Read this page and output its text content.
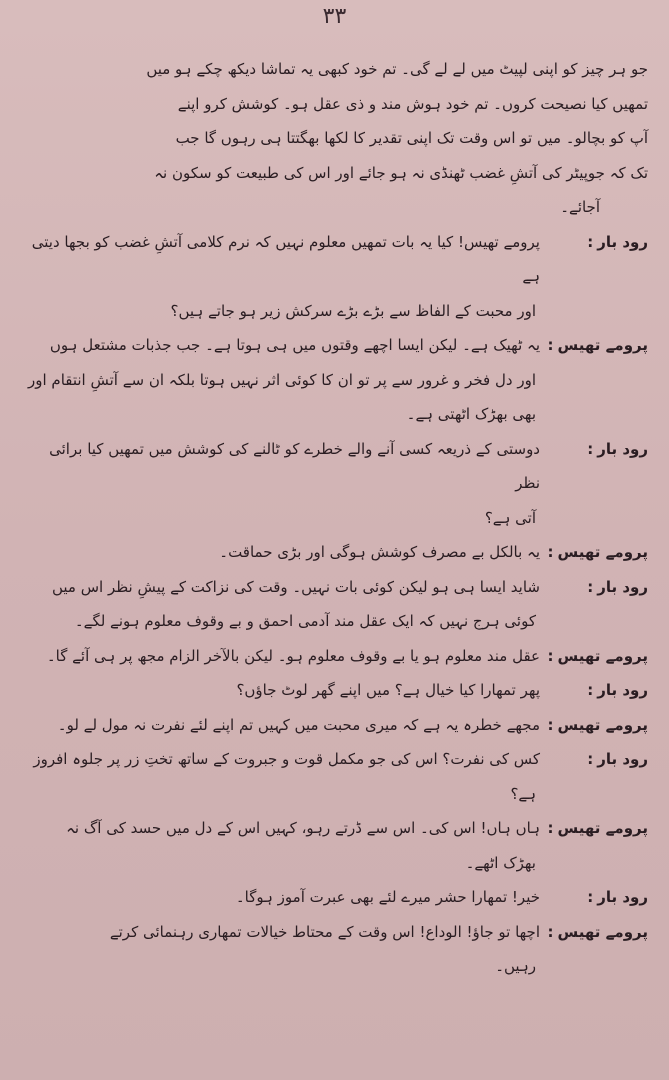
۳۳

جو ہر چیز کو اپنی لپیٹ میں لے لے گی۔ تم خود کبھی یہ تماشا دیکھ چکے ہو میں

تمھیں کیا نصیحت کروں۔ تم خود ہوش مند و ذی عقل ہو۔ کوشش کرو اپنے

آپ کو بچالو۔ میں تو اس وقت تک اپنی تقدیر کا لکھا بھگتتا ہی رہوں گا جب

تک کہ جوپیٹر کی آتشِ غضب ٹھنڈی نہ ہو جائے اور اس کی طبیعت کو سکون نہ

آجائے۔

رود بار:
پرومے تھیس! کیا یہ بات تمھیں معلوم نہیں کہ نرم کلامی آتشِ غضب کو بجھا دیتی ہے

اور محبت کے الفاظ سے بڑے بڑے سرکش زیر ہو جاتے ہیں؟

پرومے تھیس:
یہ ٹھیک ہے۔ لیکن ایسا اچھے وقتوں میں ہی ہوتا ہے۔ جب جذبات مشتعل ہوں

اور دل فخر و غرور سے پر تو ان کا کوئی اثر نہیں ہوتا بلکہ ان سے آتشِ انتقام اور

بھی بھڑک اٹھتی ہے۔

رود بار:
دوستی کے ذریعہ کسی آنے والے خطرے کو ٹالنے کی کوشش میں تمھیں کیا برائی نظر

آتی ہے؟

پرومے تھیس:
یہ بالکل بے مصرف کوشش ہوگی اور بڑی حماقت۔
رود بار:
شاید ایسا ہی ہو لیکن کوئی بات نہیں۔ وقت کی نزاکت کے پیشِ نظر اس میں

کوئی ہرج نہیں کہ ایک عقل مند آدمی احمق و بے وقوف معلوم ہونے لگے۔

پرومے تھیس:
عقل مند معلوم ہو یا بے وقوف معلوم ہو۔ لیکن بالآخر الزام مجھ پر ہی آئے گا۔
رود بار:
پھر تمھارا کیا خیال ہے؟ میں اپنے گھر لوٹ جاؤں؟
پرومے تھیس:
مجھے خطرہ یہ ہے کہ میری محبت میں کہیں تم اپنے لئے نفرت نہ مول لے لو۔
رود بار:
کس کی نفرت؟ اس کی جو مکمل قوت و جبروت کے ساتھ تختِ زر پر جلوہ افروز

ہے؟

پرومے تھیس:
ہاں ہاں! اس کی۔ اس سے ڈرتے رہو، کہیں اس کے دل میں حسد کی آگ نہ

بھڑک اٹھے۔

رود بار:
خیر! تمھارا حشر میرے لئے بھی عبرت آموز ہوگا۔
پرومے تھیس:
اچھا تو جاؤ! الوداع! اس وقت کے محتاط خیالات تمھاری رہنمائی کرتے

رہیں۔
